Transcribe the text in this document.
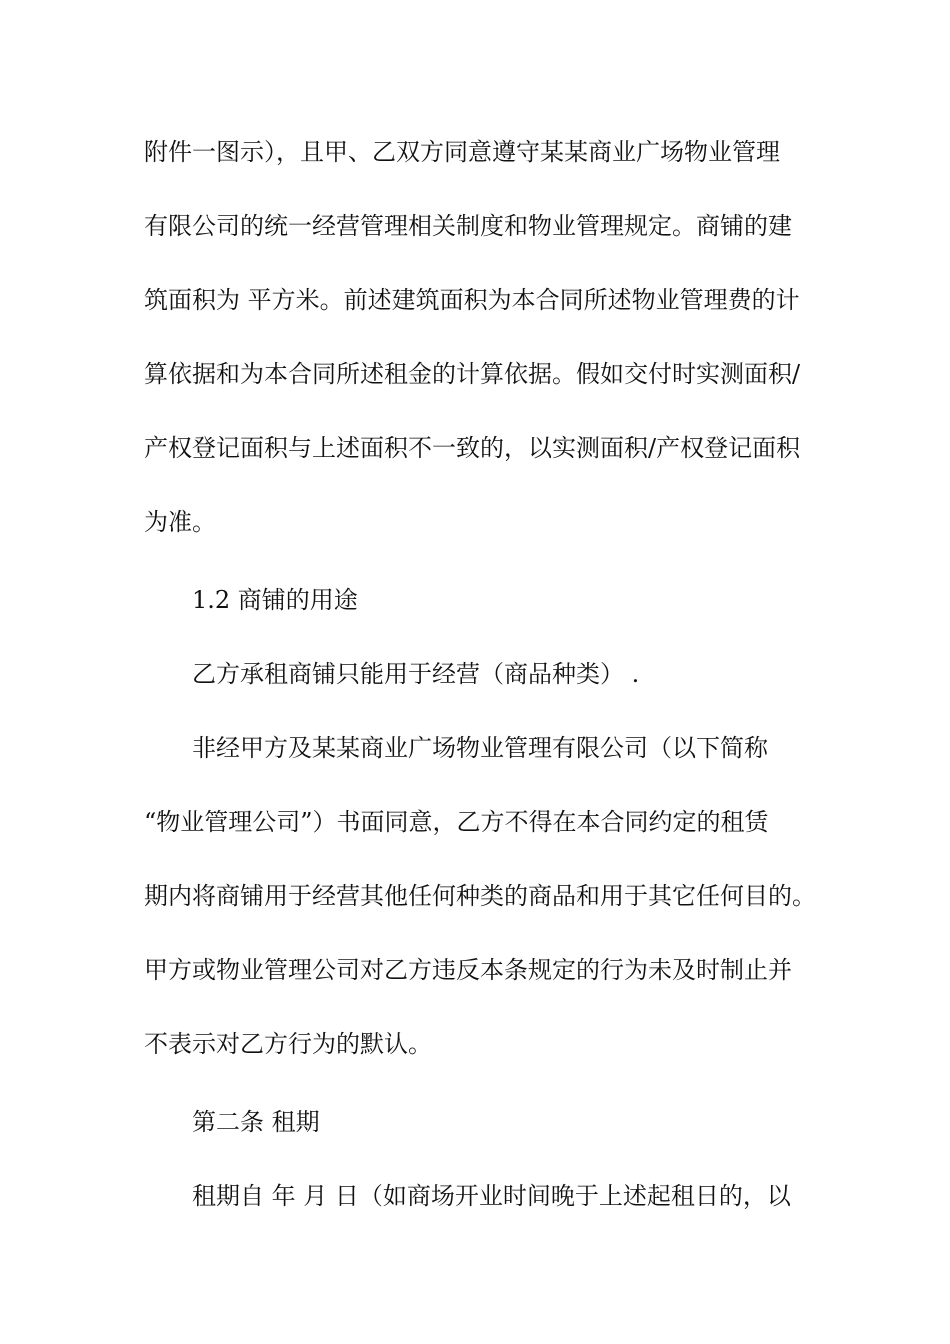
附件一图示），且甲、乙双方同意遵守某某商业广场物业管理
有限公司的统一经营管理相关制度和物业管理规定。商铺的建
筑面积为 平方米。前述建筑面积为本合同所述物业管理费的计
算依据和为本合同所述租金的计算依据。假如交付时实测面积/
产权登记面积与上述面积不一致的，以实测面积/产权登记面积
为准。
1.2 商铺的用途
乙方承租商铺只能用于经营（商品种类） .
非经甲方及某某商业广场物业管理有限公司（以下简称
“物业管理公司”）书面同意，乙方不得在本合同约定的租赁
期内将商铺用于经营其他任何种类的商品和用于其它任何目的。
甲方或物业管理公司对乙方违反本条规定的行为未及时制止并
不表示对乙方行为的默认。
第二条 租期
租期自 年 月 日（如商场开业时间晚于上述起租日的，以
